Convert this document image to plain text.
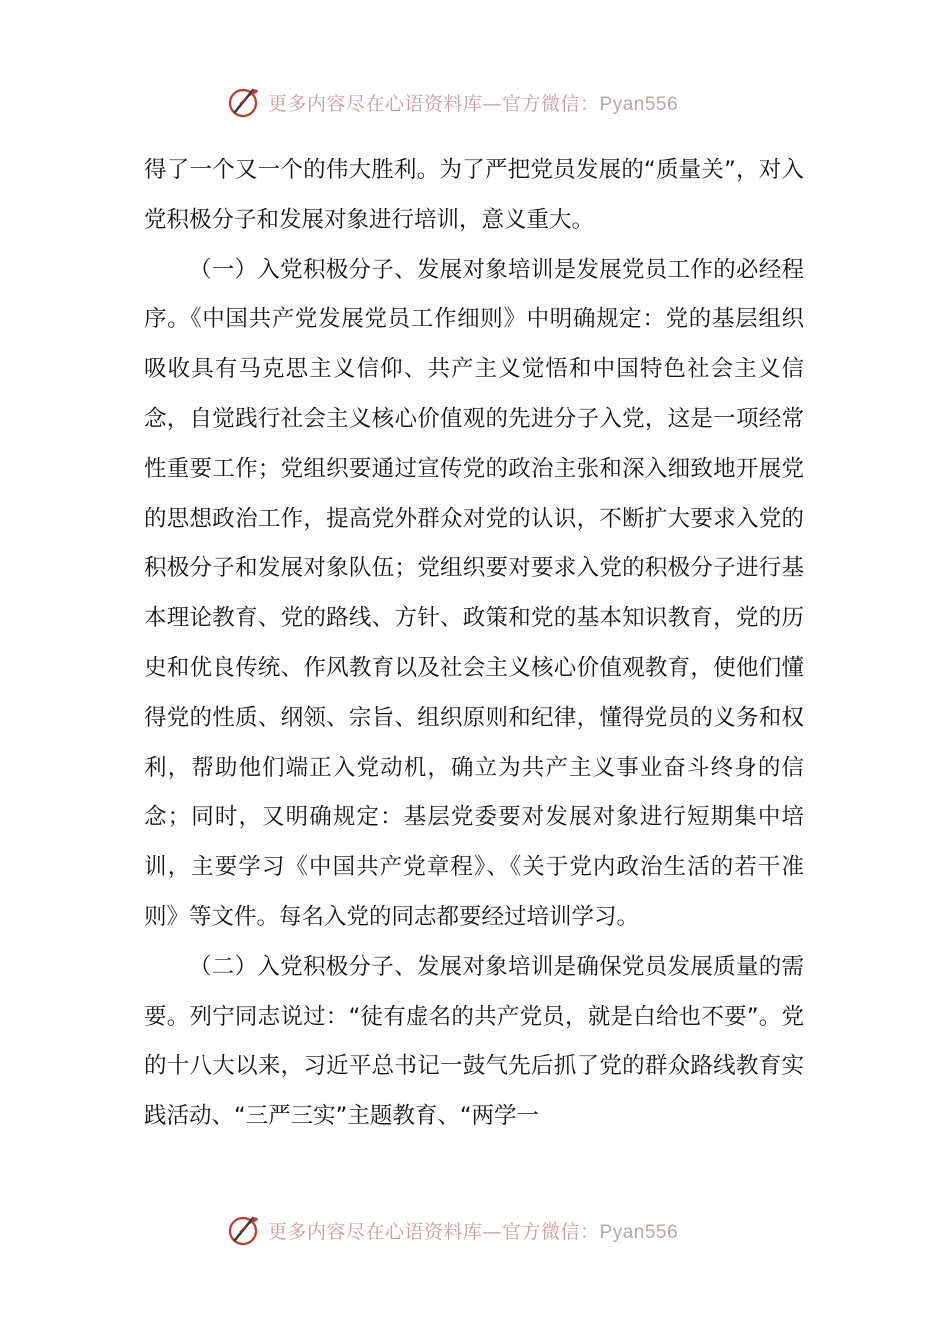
更多内容尽在心语资料库—官方微信：Pyan556

得了一个又一个的伟大胜利。为了严把党员发展的“质量关”，对入党积极分子和发展对象进行培训，意义重大。

（一）入党积极分子、发展对象培训是发展党员工作的必经程序。《中国共产党发展党员工作细则》中明确规定：党的基层组织吸收具有马克思主义信仰、共产主义觉悟和中国特色社会主义信念，自觉践行社会主义核心价值观的先进分子入党，这是一项经常性重要工作；党组织要通过宣传党的政治主张和深入细致地开展党的思想政治工作，提高党外群众对党的认识，不断扩大要求入党的积极分子和发展对象队伍；党组织要对要求入党的积极分子进行基本理论教育、党的路线、方针、政策和党的基本知识教育，党的历史和优良传统、作风教育以及社会主义核心价值观教育，使他们懂得党的性质、纲领、宗旨、组织原则和纪律，懂得党员的义务和权利，帮助他们端正入党动机，确立为共产主义事业奋斗终身的信念；同时，又明确规定：基层党委要对发展对象进行短期集中培训，主要学习《中国共产党章程》、《关于党内政治生活的若干准则》等文件。每名入党的同志都要经过培训学习。

（二）入党积极分子、发展对象培训是确保党员发展质量的需要。列宁同志说过：“徒有虚名的共产党员，就是白给也不要”。党的十八大以来，习近平总书记一鼓气先后抓了党的群众路线教育实践活动、“三严三实”主题教育、“两学一

更多内容尽在心语资料库—官方微信：Pyan556
